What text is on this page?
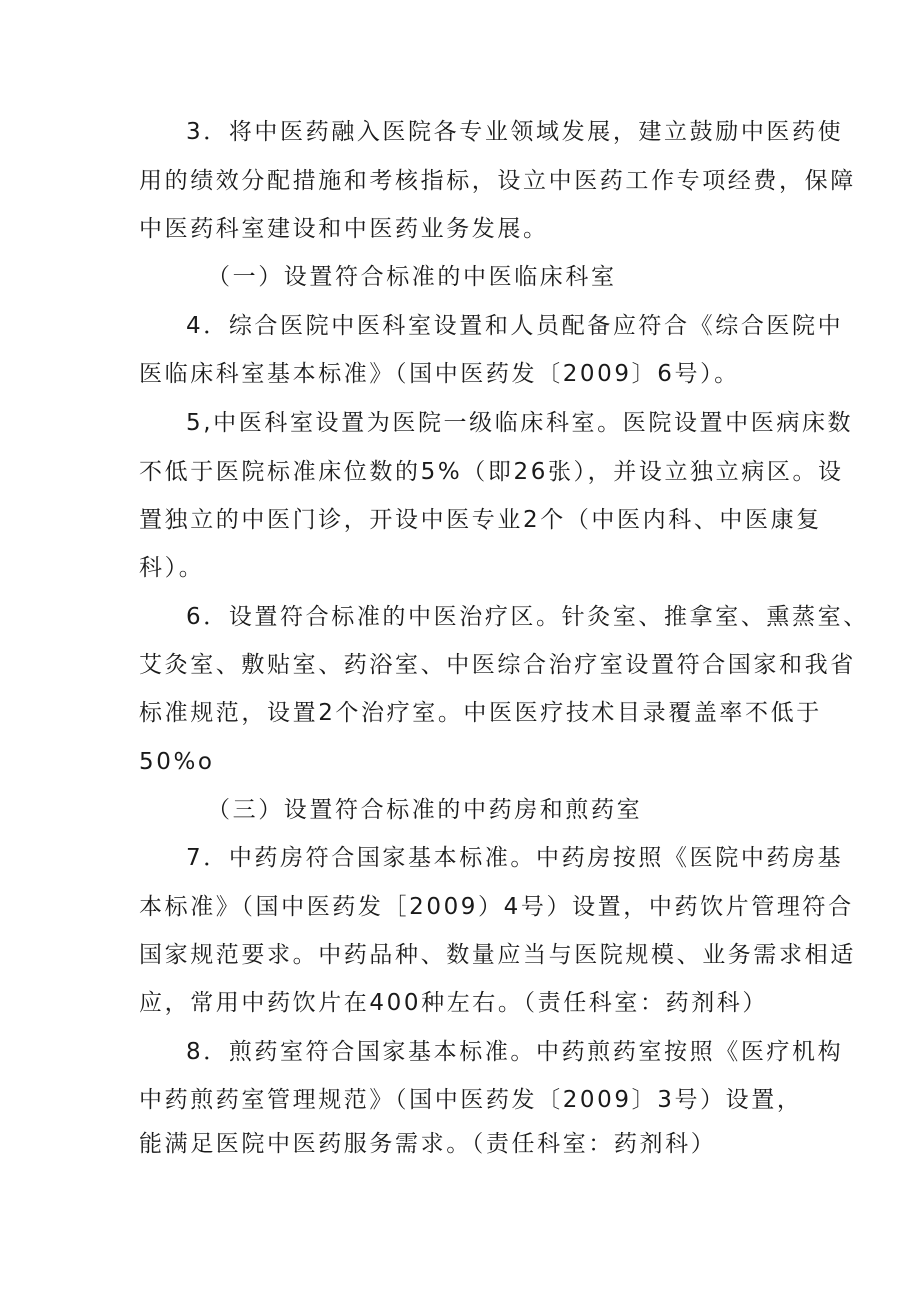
3．将中医药融入医院各专业领域发展，建立鼓励中医药使
用的绩效分配措施和考核指标，设立中医药工作专项经费，保障
中医药科室建设和中医药业务发展。
（一）设置符合标准的中医临床科室
4．综合医院中医科室设置和人员配备应符合《综合医院中
医临床科室基本标准》（国中医药发〔2009〕6号）。
5,中医科室设置为医院一级临床科室。医院设置中医病床数
不低于医院标准床位数的5%（即26张），并设立独立病区。设
置独立的中医门诊，开设中医专业2个（中医内科、中医康复
科）。
6．设置符合标准的中医治疗区。针灸室、推拿室、熏蒸室、
艾灸室、敷贴室、药浴室、中医综合治疗室设置符合国家和我省
标准规范，设置2个治疗室。中医医疗技术目录覆盖率不低于
50%o
（三）设置符合标准的中药房和煎药室
7．中药房符合国家基本标准。中药房按照《医院中药房基
本标准》（国中医药发［2009）4号）设置，中药饮片管理符合
国家规范要求。中药品种、数量应当与医院规模、业务需求相适
应，常用中药饮片在400种左右。（责任科室：药剂科）
8．煎药室符合国家基本标准。中药煎药室按照《医疗机构
中药煎药室管理规范》（国中医药发〔2009〕3号）设置，
能满足医院中医药服务需求。（责任科室：药剂科）
